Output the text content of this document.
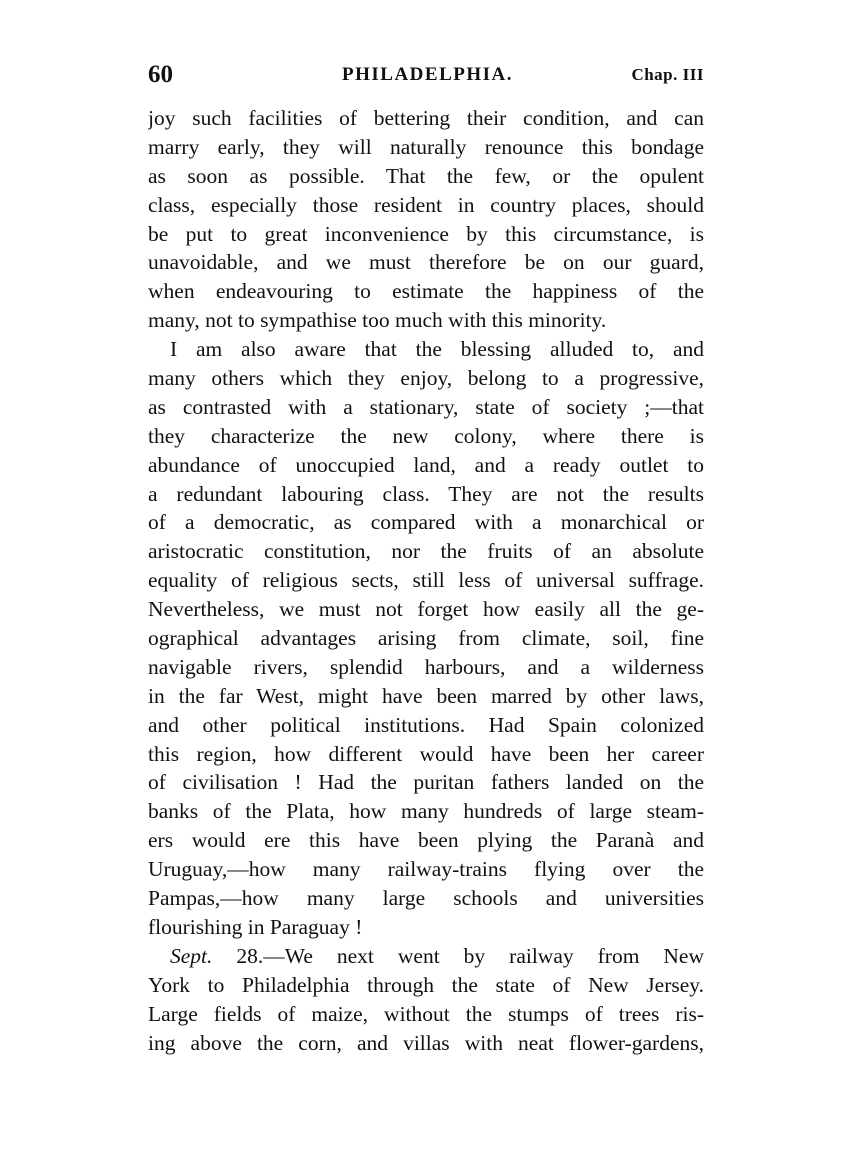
60	PHILADELPHIA.	Chap. III
joy such facilities of bettering their condition, and can
marry early, they will naturally renounce this bondage
as soon as possible. That the few, or the opulent
class, especially those resident in country places, should
be put to great inconvenience by this circumstance, is
unavoidable, and we must therefore be on our guard,
when endeavouring to estimate the happiness of the
many, not to sympathise too much with this minority.
I am also aware that the blessing alluded to, and
many others which they enjoy, belong to a progressive,
as contrasted with a stationary, state of society ;—that
they characterize the new colony, where there is
abundance of unoccupied land, and a ready outlet to
a redundant labouring class. They are not the results
of a democratic, as compared with a monarchical or
aristocratic constitution, nor the fruits of an absolute
equality of religious sects, still less of universal suffrage.
Nevertheless, we must not forget how easily all the ge-
ographical advantages arising from climate, soil, fine
navigable rivers, splendid harbours, and a wilderness
in the far West, might have been marred by other laws,
and other political institutions. Had Spain colonized
this region, how different would have been her career
of civilisation ! Had the puritan fathers landed on the
banks of the Plata, how many hundreds of large steam-
ers would ere this have been plying the Paranà and
Uruguay,—how many railway-trains flying over the
Pampas,—how many large schools and universities
flourishing in Paraguay !
Sept. 28.—We next went by railway from New
York to Philadelphia through the state of New Jersey.
Large fields of maize, without the stumps of trees ris-
ing above the corn, and villas with neat flower-gardens,
